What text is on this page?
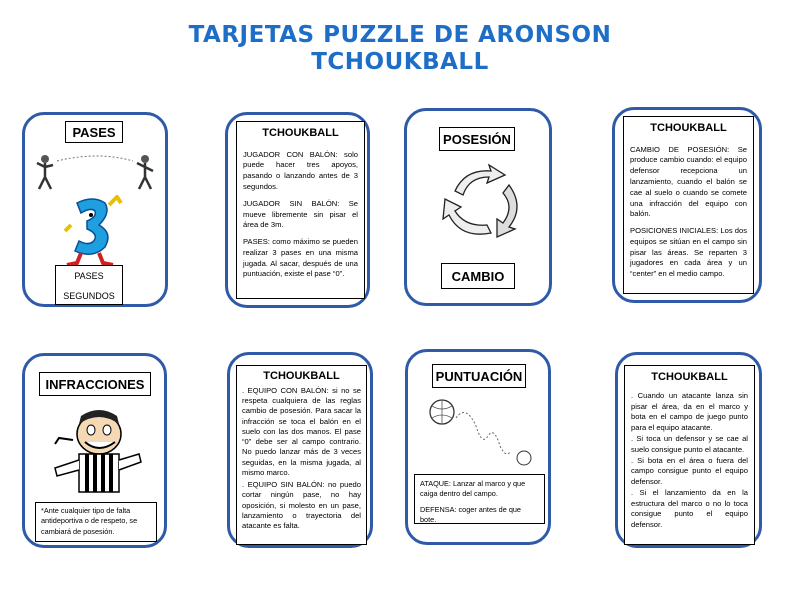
TARJETAS PUZZLE DE ARONSON
TCHOUKBALL
PASES
PASES
SEGUNDOS
TCHOUKBALL

JUGADOR CON BALÓN: solo puede hacer tres apoyos, pasando o lanzando antes de 3 segundos.

JUGADOR SIN BALÓN: Se mueve libremente sin pisar el área de 3m.

PASES: como máximo se pueden realizar 3 pases en una misma jugada. Al sacar, después de una puntuación, existe el pase “0”.

POSESIÓN
CAMBIO
TCHOUKBALL

CAMBIO DE POSESIÓN: Se produce cambio cuando: el equipo defensor recepciona un lanzamiento, cuando el balón se cae al suelo o cuando se comete una infracción del equipo con balón.

POSICIONES INICIALES: Los dos equipos se sitúan en el campo sin pisar las áreas. Se reparten 3 jugadores en cada área y un “center” en el medio campo.

INFRACCIONES
*Ante cualquier tipo de falta antideportiva o de respeto, se cambiará de posesión.
TCHOUKBALL

. EQUIPO CON BALÓN: si no se respeta cualquiera de las reglas cambio de posesión. Para sacar la infracción se toca el balón en el suelo con las dos manos. El pase “0” debe ser al campo contrario. No puedo lanzar más de 3 veces seguidas, en la misma jugada, al mismo marco.

. EQUIPO SIN BALÓN: no puedo cortar ningún pase, no hay oposición, si molesto en un pase, lanzamiento o trayectoria del atacante es falta.

PUNTUACIÓN

ATAQUE: Lanzar al marco y que caiga dentro del campo.

DEFENSA: coger antes de que bote.

TCHOUKBALL

. Cuando un atacante lanza sin pisar el área, da en el marco y bota en el campo de juego punto para el equipo atacante.

. Si toca un defensor y se cae al suelo consigue punto el atacante.

. Si bota en el área o fuera del campo consigue punto el equipo defensor.

. Si el lanzamiento da en la estructura del marco o no lo toca consigue punto el equipo defensor.
